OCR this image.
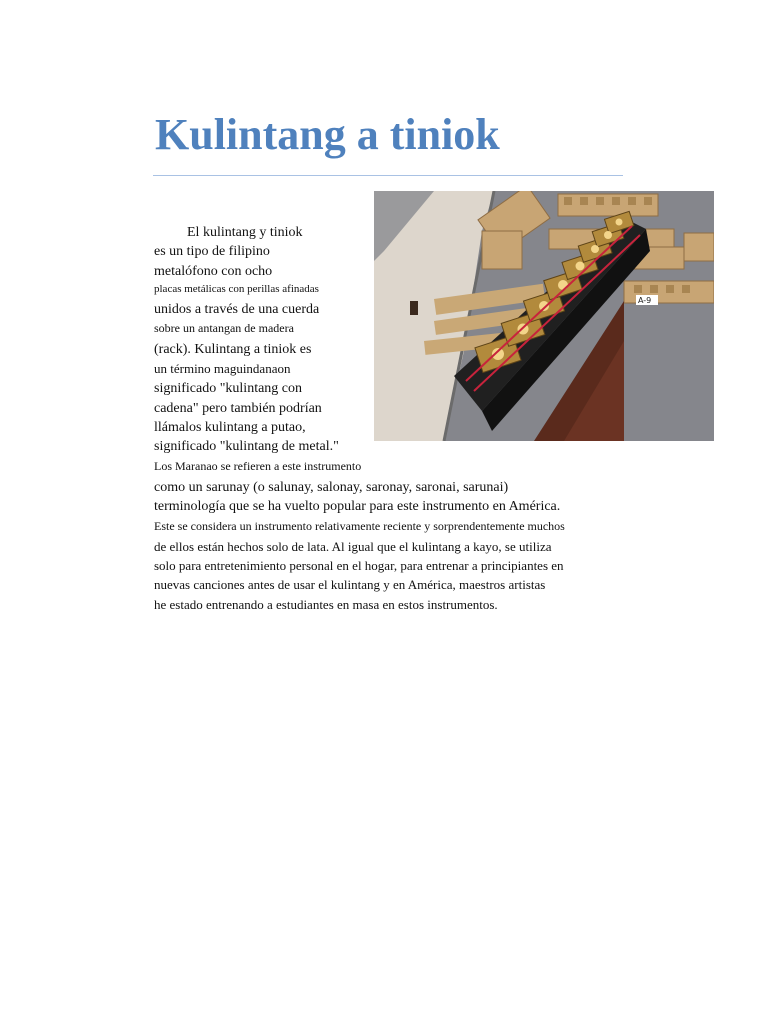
Kulintang a tiniok
A-9
El kulintang y tiniok
es un tipo de filipino
metalófono con ocho
placas metálicas con perillas afinadas
unidos a través de una cuerda
sobre un antangan de madera
(rack). Kulintang a tiniok es
un término maguindanaon
significado "kulintang con
cadena" pero también podrían
llámalos kulintang a putao,
significado "kulintang de metal."
Los Maranao se refieren a este instrumento
como un sarunay (o salunay, salonay, saronay, saronai, sarunai)
terminología que se ha vuelto popular para este instrumento en América.
Este se considera un instrumento relativamente reciente y sorprendentemente muchos
de ellos están hechos solo de lata. Al igual que el kulintang a kayo, se utiliza
solo para entretenimiento personal en el hogar, para entrenar a principiantes en
nuevas canciones antes de usar el kulintang y en América, maestros artistas
he estado entrenando a estudiantes en masa en estos instrumentos.
